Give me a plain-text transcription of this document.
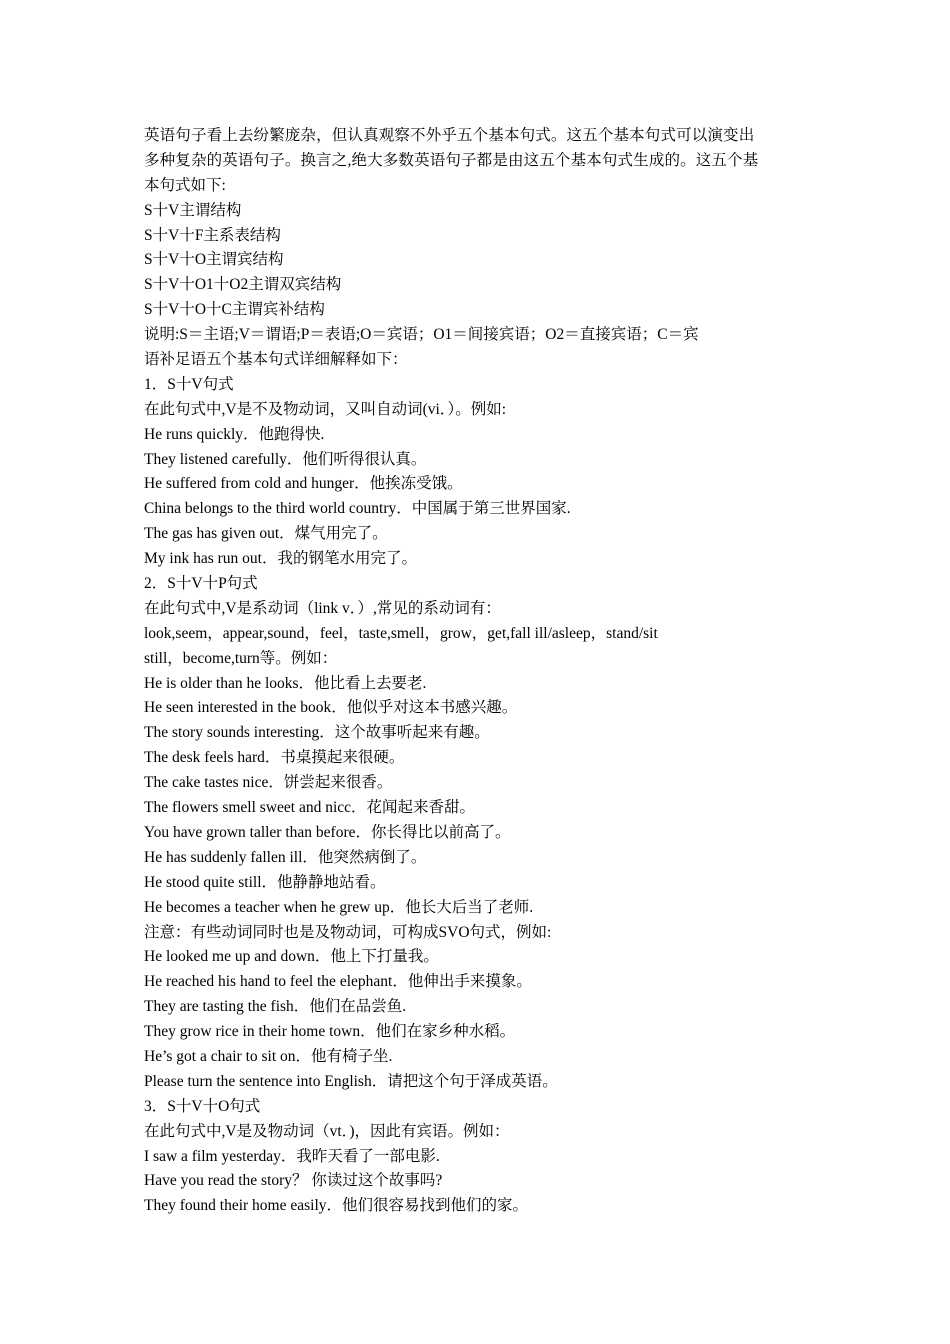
英语句子看上去纷繁庞杂，但认真观察不外乎五个基本句式。这五个基本句式可以演变出
多种复杂的英语句子。换言之,绝大多数英语句子都是由这五个基本句式生成的。这五个基
本句式如下:
S十V主谓结构
S十V十F主系表结构
S十V十O主谓宾结构
S十V十O1十O2主谓双宾结构
S十V十O十C主谓宾补结构
说明:S＝主语;V＝谓语;P＝表语;O＝宾语；O1＝间接宾语；O2＝直接宾语；C＝宾
语补足语五个基本句式详细解释如下：
1．S十V句式
在此句式中,V是不及物动词，又叫自动词(vi．）。例如:
He runs quickly．他跑得快.
They listened carefully．他们听得很认真。
He suffered from cold and hunger．他挨冻受饿。
China belongs to the third world country．中国属于第三世界国家.
The gas has given out．煤气用完了。
My ink has run out．我的钢笔水用完了。
2．S十V十P句式
在此句式中,V是系动词（link v．）,常见的系动词有：
look,seem，appear,sound，feel，taste,smell，grow，get,fall ill/asleep，stand/sit
still，become,turn等。例如：
He is older than he looks．他比看上去要老.
He seen interested in the book．他似乎对这本书感兴趣。
The story sounds interesting．这个故事听起来有趣。
The desk feels hard．书桌摸起来很硬。
The cake tastes nice．饼尝起来很香。
The flowers smell sweet and nicc．花闻起来香甜。
You have grown taller than before．你长得比以前高了。
He has suddenly fallen ill．他突然病倒了。
He stood quite still．他静静地站看。
He becomes a teacher when he grew up．他长大后当了老师.
注意：有些动词同时也是及物动词，可构成SVO句式，例如:
He looked me up and down．他上下打量我。
He reached his hand to feel the elephant．他伸出手来摸象。
They are tasting the fish．他们在品尝鱼.
They grow rice in their home town．他们在家乡种水稻。
He’s got a chair to sit on．他有椅子坐.
Please turn the sentence into English．请把这个句于泽成英语。
3．S十V十O句式
在此句式中,V是及物动词（vt．)，因此有宾语。例如：
I saw a film yesterday．我昨天看了一部电影.
Have you read the story？ 你读过这个故事吗?
They found their home easily．他们很容易找到他们的家。
